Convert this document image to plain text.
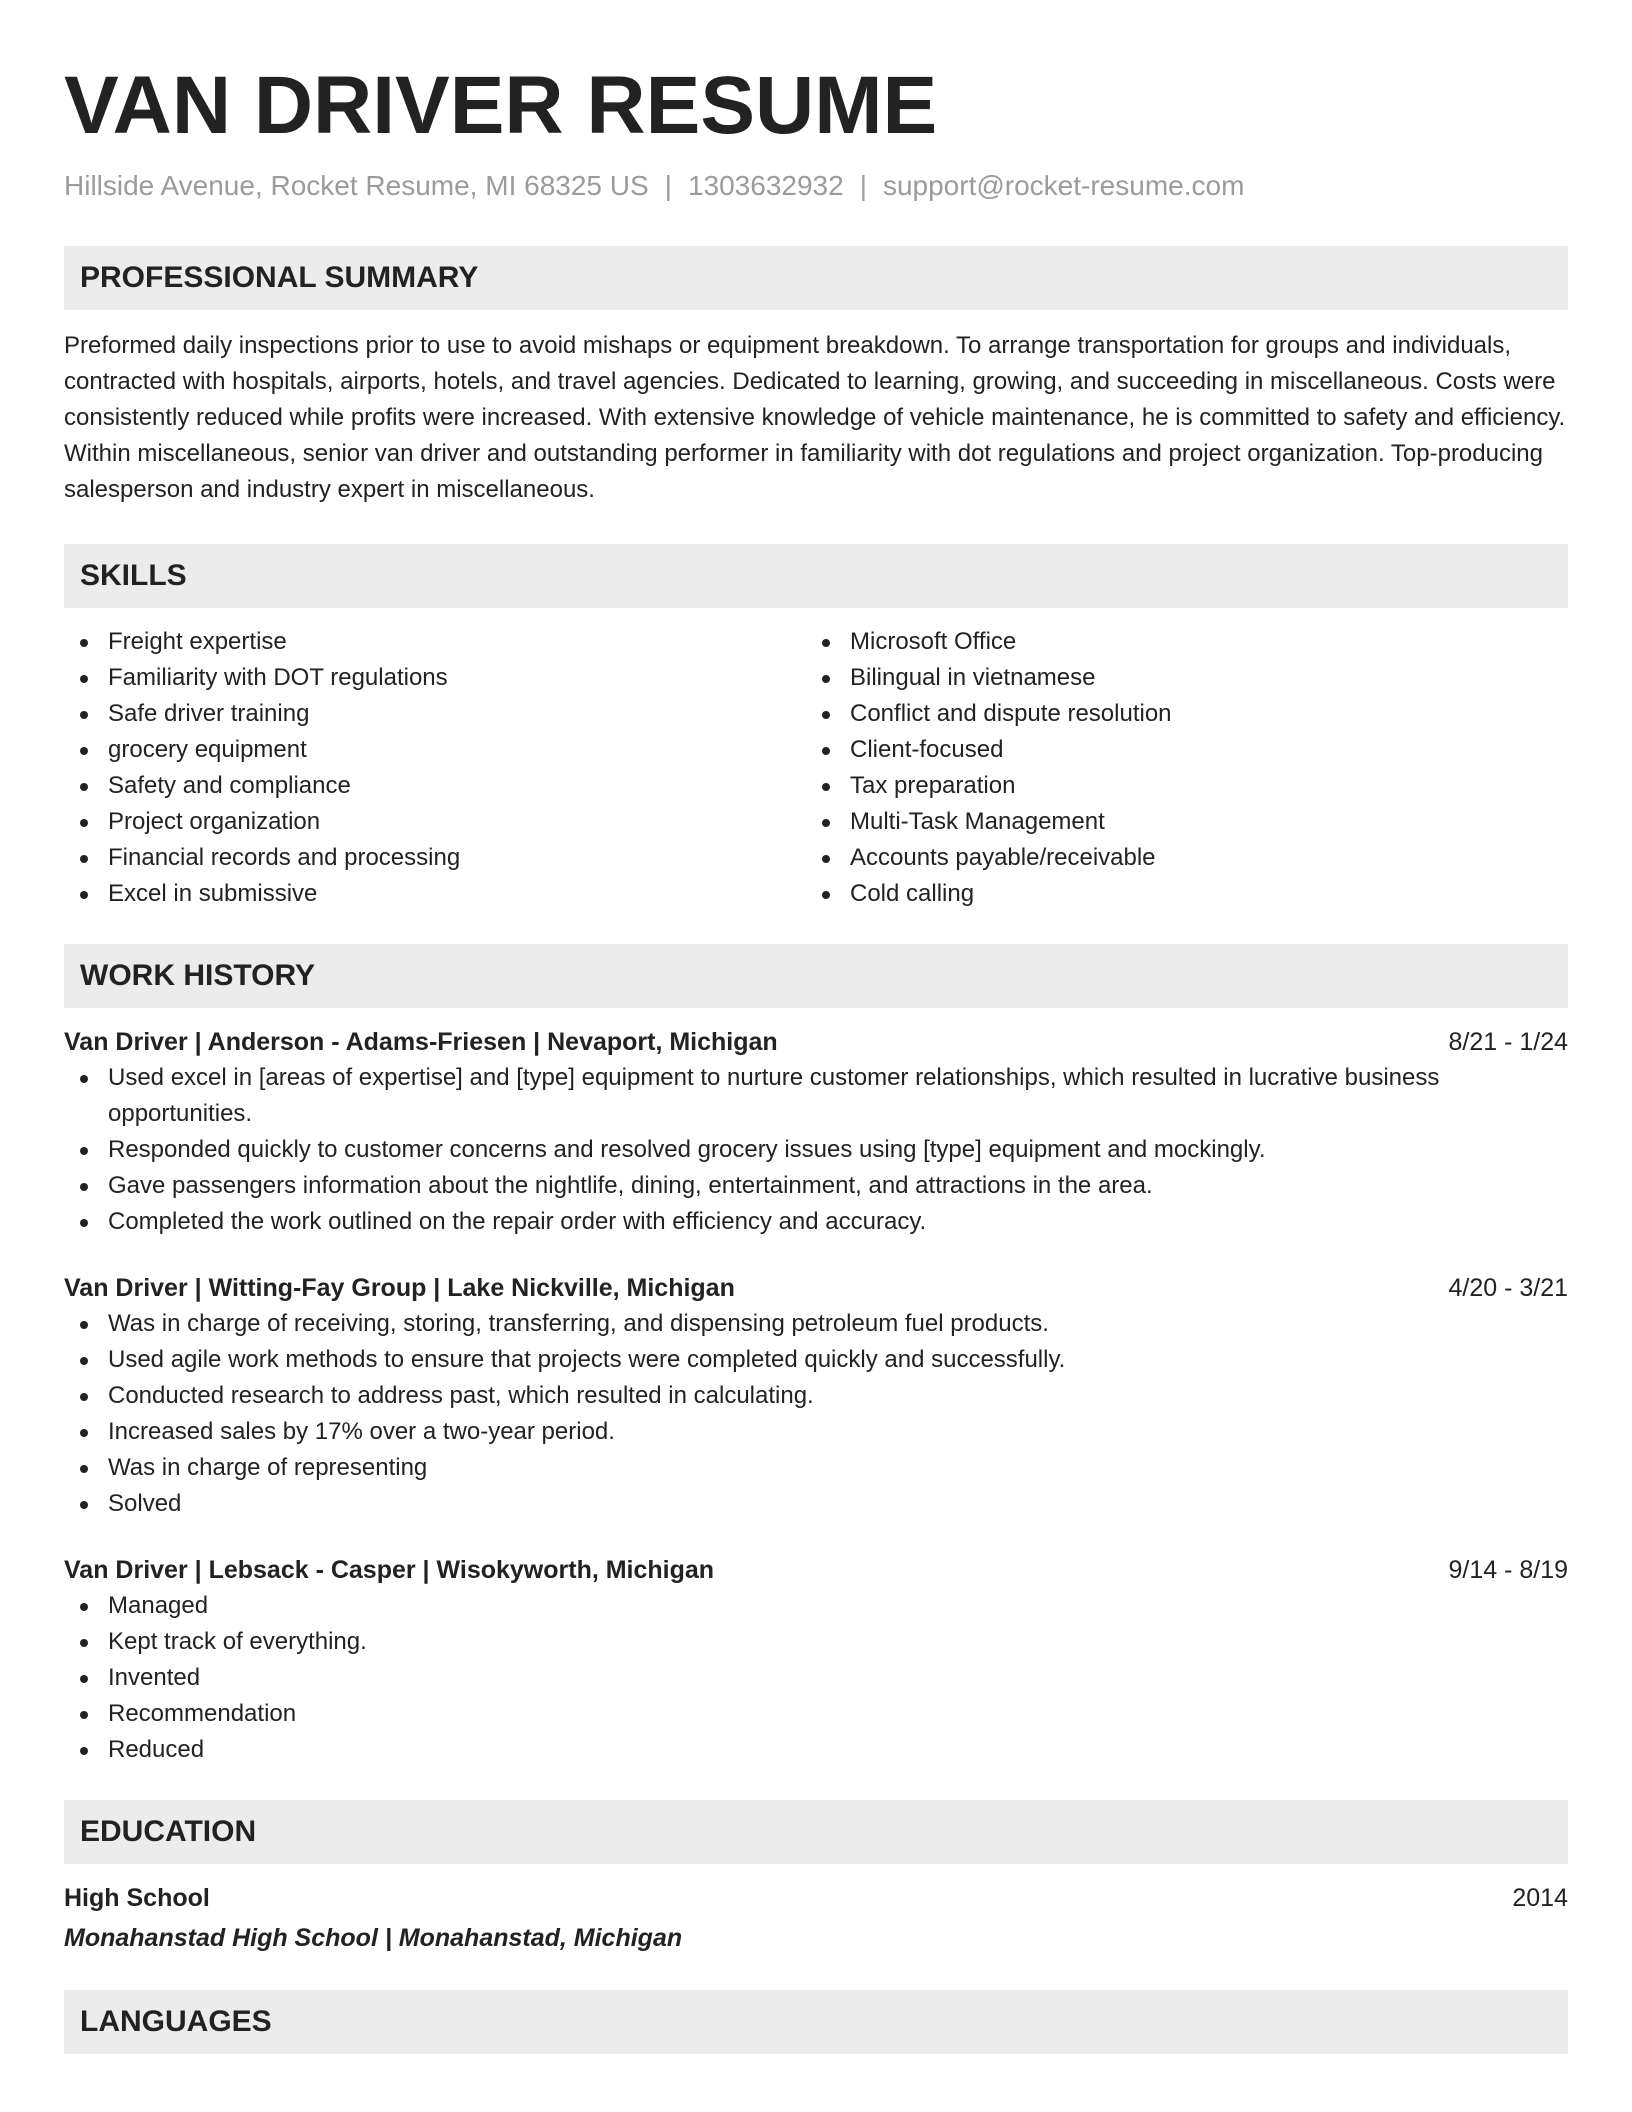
VAN DRIVER RESUME
Hillside Avenue, Rocket Resume, MI 68325 US | 1303632932 | support@rocket-resume.com
PROFESSIONAL SUMMARY

Preformed daily inspections prior to use to avoid mishaps or equipment breakdown. To arrange transportation for groups and individuals, contracted with hospitals, airports, hotels, and travel agencies. Dedicated to learning, growing, and succeeding in miscellaneous. Costs were consistently reduced while profits were increased. With extensive knowledge of vehicle maintenance, he is committed to safety and efficiency. Within miscellaneous, senior van driver and outstanding performer in familiarity with dot regulations and project organization. Top-producing salesperson and industry expert in miscellaneous.

SKILLS
Freight expertise
Familiarity with DOT regulations
Safe driver training
grocery equipment
Safety and compliance
Project organization
Financial records and processing
Excel in submissive
Microsoft Office
Bilingual in vietnamese
Conflict and dispute resolution
Client-focused
Tax preparation
Multi-Task Management
Accounts payable/receivable
Cold calling
WORK HISTORY
Van Driver | Anderson - Adams-Friesen | Nevaport, Michigan	8/21 - 1/24
Used excel in [areas of expertise] and [type] equipment to nurture customer relationships, which resulted in lucrative business opportunities.
Responded quickly to customer concerns and resolved grocery issues using [type] equipment and mockingly.
Gave passengers information about the nightlife, dining, entertainment, and attractions in the area.
Completed the work outlined on the repair order with efficiency and accuracy.
Van Driver | Witting-Fay Group | Lake Nickville, Michigan	4/20 - 3/21
Was in charge of receiving, storing, transferring, and dispensing petroleum fuel products.
Used agile work methods to ensure that projects were completed quickly and successfully.
Conducted research to address past, which resulted in calculating.
Increased sales by 17% over a two-year period.
Was in charge of representing
Solved
Van Driver | Lebsack - Casper | Wisokyworth, Michigan	9/14 - 8/19
Managed
Kept track of everything.
Invented
Recommendation
Reduced
EDUCATION
High School	2014
Monahanstad High School | Monahanstad, Michigan
LANGUAGES
